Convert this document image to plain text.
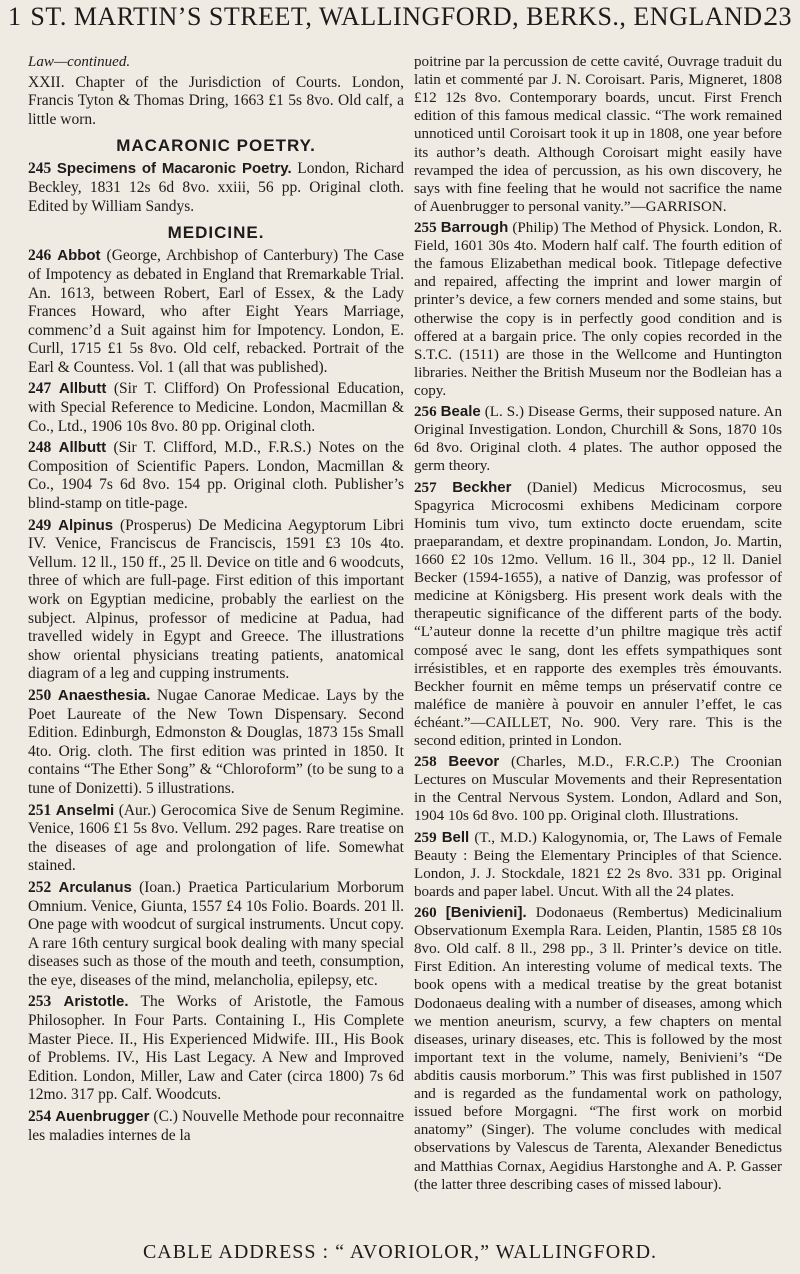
1 ST. MARTIN’S STREET, WALLINGFORD, BERKS., ENGLAND.
23
Law—continued.
XXII. Chapter of the Jurisdiction of Courts. London, Francis Tyton & Thomas Dring, 1663 £1 5s 8vo. Old calf, a little worn.
MACARONIC POETRY.
245 Specimens of Macaronic Poetry. London, Richard Beckley, 1831 12s 6d 8vo. xxiii, 56 pp. Original cloth. Edited by William Sandys.
MEDICINE.
246 Abbot (George, Archbishop of Canterbury) The Case of Impotency as debated in England that Rremarkable Trial. An. 1613, between Robert, Earl of Essex, & the Lady Frances Howard, who after Eight Years Marriage, commenc’d a Suit against him for Impotency. London, E. Curll, 1715 £1 5s 8vo. Old celf, rebacked. Portrait of the Earl & Countess. Vol. 1 (all that was published).
247 Allbutt (Sir T. Clifford) On Professional Education, with Special Reference to Medicine. London, Macmillan & Co., Ltd., 1906 10s 8vo. 80 pp. Original cloth.
248 Allbutt (Sir T. Clifford, M.D., F.R.S.) Notes on the Composition of Scientific Papers. London, Macmillan & Co., 1904 7s 6d 8vo. 154 pp. Original cloth. Publisher’s blind-stamp on title-page.
249 Alpinus (Prosperus) De Medicina Aegyptorum Libri IV. Venice, Franciscus de Franciscis, 1591 £3 10s 4to. Vellum. 12 ll., 150 ff., 25 ll. Device on title and 6 woodcuts, three of which are full-page. First edition of this important work on Egyptian medicine, probably the earliest on the subject. Alpinus, professor of medicine at Padua, had travelled widely in Egypt and Greece. The illustrations show oriental physicians treating patients, anatomical diagram of a leg and cupping instruments.
250 Anaesthesia. Nugae Canorae Medicae. Lays by the Poet Laureate of the New Town Dispensary. Second Edition. Edinburgh, Edmonston & Douglas, 1873 15s Small 4to. Orig. cloth. The first edition was printed in 1850. It contains “The Ether Song” & “Chloroform” (to be sung to a tune of Donizetti). 5 illustrations.
251 Anselmi (Aur.) Gerocomica Sive de Senum Regimine. Venice, 1606 £1 5s 8vo. Vellum. 292 pages. Rare treatise on the diseases of age and prolongation of life. Somewhat stained.
252 Arculanus (Ioan.) Praetica Particularium Morborum Omnium. Venice, Giunta, 1557 £4 10s Folio. Boards. 201 ll. One page with woodcut of surgical instruments. Uncut copy. A rare 16th century surgical book dealing with many special diseases such as those of the mouth and teeth, consumption, the eye, diseases of the mind, melancholia, epilepsy, etc.
253 Aristotle. The Works of Aristotle, the Famous Philosopher. In Four Parts. Containing I., His Complete Master Piece. II., His Experienced Midwife. III., His Book of Problems. IV., His Last Legacy. A New and Improved Edition. London, Miller, Law and Cater (circa 1800) 7s 6d 12mo. 317 pp. Calf. Woodcuts.
254 Auenbrugger (C.) Nouvelle Methode pour reconnaitre les maladies internes de la
poitrine par la percussion de cette cavité, Ouvrage traduit du latin et commenté par J. N. Coroisart. Paris, Migneret, 1808 £12 12s 8vo. Contemporary boards, uncut. First French edition of this famous medical classic. “The work remained unnoticed until Coroisart took it up in 1808, one year before its author’s death. Although Coroisart might easily have revamped the idea of percussion, as his own discovery, he says with fine feeling that he would not sacrifice the name of Auenbrugger to personal vanity.”—GARRISON.
255 Barrough (Philip) The Method of Physick. London, R. Field, 1601 30s 4to. Modern half calf. The fourth edition of the famous Elizabethan medical book. Titlepage defective and repaired, affecting the imprint and lower margin of printer’s device, a few corners mended and some stains, but otherwise the copy is in perfectly good condition and is offered at a bargain price. The only copies recorded in the S.T.C. (1511) are those in the Wellcome and Huntington libraries. Neither the British Museum nor the Bodleian has a copy.
256 Beale (L. S.) Disease Germs, their supposed nature. An Original Investigation. London, Churchill & Sons, 1870 10s 6d 8vo. Original cloth. 4 plates. The author opposed the germ theory.
257 Beckher (Daniel) Medicus Microcosmus, seu Spagyrica Microcosmi exhibens Medicinam corpore Hominis tum vivo, tum extincto docte eruendam, scite praeparandam, et dextre propinandam. London, Jo. Martin, 1660 £2 10s 12mo. Vellum. 16 ll., 304 pp., 12 ll. Daniel Becker (1594-1655), a native of Danzig, was professor of medicine at Königsberg. His present work deals with the therapeutic significance of the different parts of the body. “L’auteur donne la recette d’un philtre magique très actif composé avec le sang, dont les effets sympathiques sont irrésistibles, et en rapporte des exemples très émouvants. Beckher fournit en même temps un préservatif contre ce maléfice de manière à pouvoir en annuler l’effet, le cas échéant.”—CAILLET, No. 900. Very rare. This is the second edition, printed in London.
258 Beevor (Charles, M.D., F.R.C.P.) The Croonian Lectures on Muscular Movements and their Representation in the Central Nervous System. London, Adlard and Son, 1904 10s 6d 8vo. 100 pp. Original cloth. Illustrations.
259 Bell (T., M.D.) Kalogynomia, or, The Laws of Female Beauty : Being the Elementary Principles of that Science. London, J. J. Stockdale, 1821 £2 2s 8vo. 331 pp. Original boards and paper label. Uncut. With all the 24 plates.
260 [Benivieni]. Dodonaeus (Rembertus) Medicinalium Observationum Exempla Rara. Leiden, Plantin, 1585 £8 10s 8vo. Old calf. 8 ll., 298 pp., 3 ll. Printer’s device on title. First Edition. An interesting volume of medical texts. The book opens with a medical treatise by the great botanist Dodonaeus dealing with a number of diseases, among which we mention aneurism, scurvy, a few chapters on mental diseases, urinary diseases, etc. This is followed by the most important text in the volume, namely, Benivieni’s “De abditis causis morborum.” This was first published in 1507 and is regarded as the fundamental work on pathology, issued before Morgagni. “The first work on morbid anatomy” (Singer). The volume concludes with medical observations by Valescus de Tarenta, Alexander Benedictus and Matthias Cornax, Aegidius Harstonghe and A. P. Gasser (the latter three describing cases of missed labour).
CABLE ADDRESS : “ AVORIOLOR,” WALLINGFORD.
